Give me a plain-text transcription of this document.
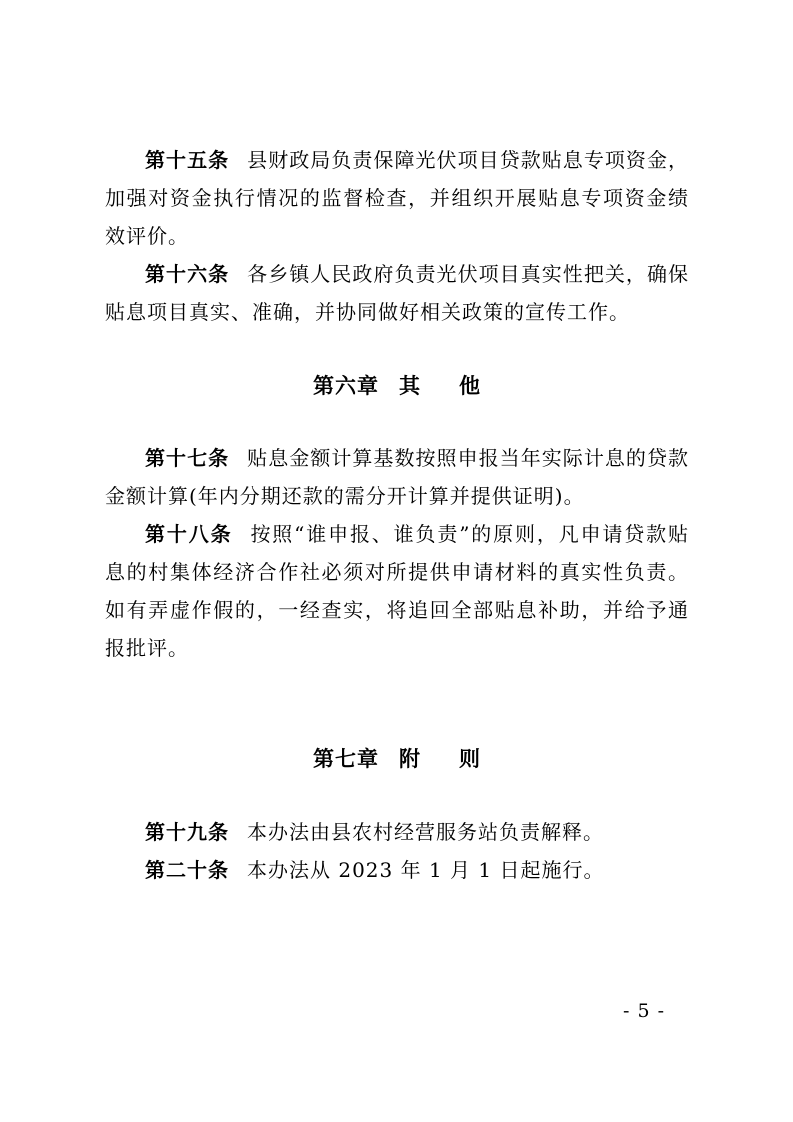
第十五条 县财政局负责保障光伏项目贷款贴息专项资金，加强对资金执行情况的监督检查，并组织开展贴息专项资金绩效评价。

第十六条 各乡镇人民政府负责光伏项目真实性把关，确保贴息项目真实、准确，并协同做好相关政策的宣传工作。

第六章 其 他

第十七条 贴息金额计算基数按照申报当年实际计息的贷款金额计算(年内分期还款的需分开计算并提供证明)。

第十八条 按照“谁申报、谁负责”的原则，凡申请贷款贴息的村集体经济合作社必须对所提供申请材料的真实性负责。如有弄虚作假的，一经查实，将追回全部贴息补助，并给予通报批评。

第七章 附 则

第十九条 本办法由县农村经营服务站负责解释。

第二十条 本办法从 2023 年 1 月 1 日起施行。

- 5 -
